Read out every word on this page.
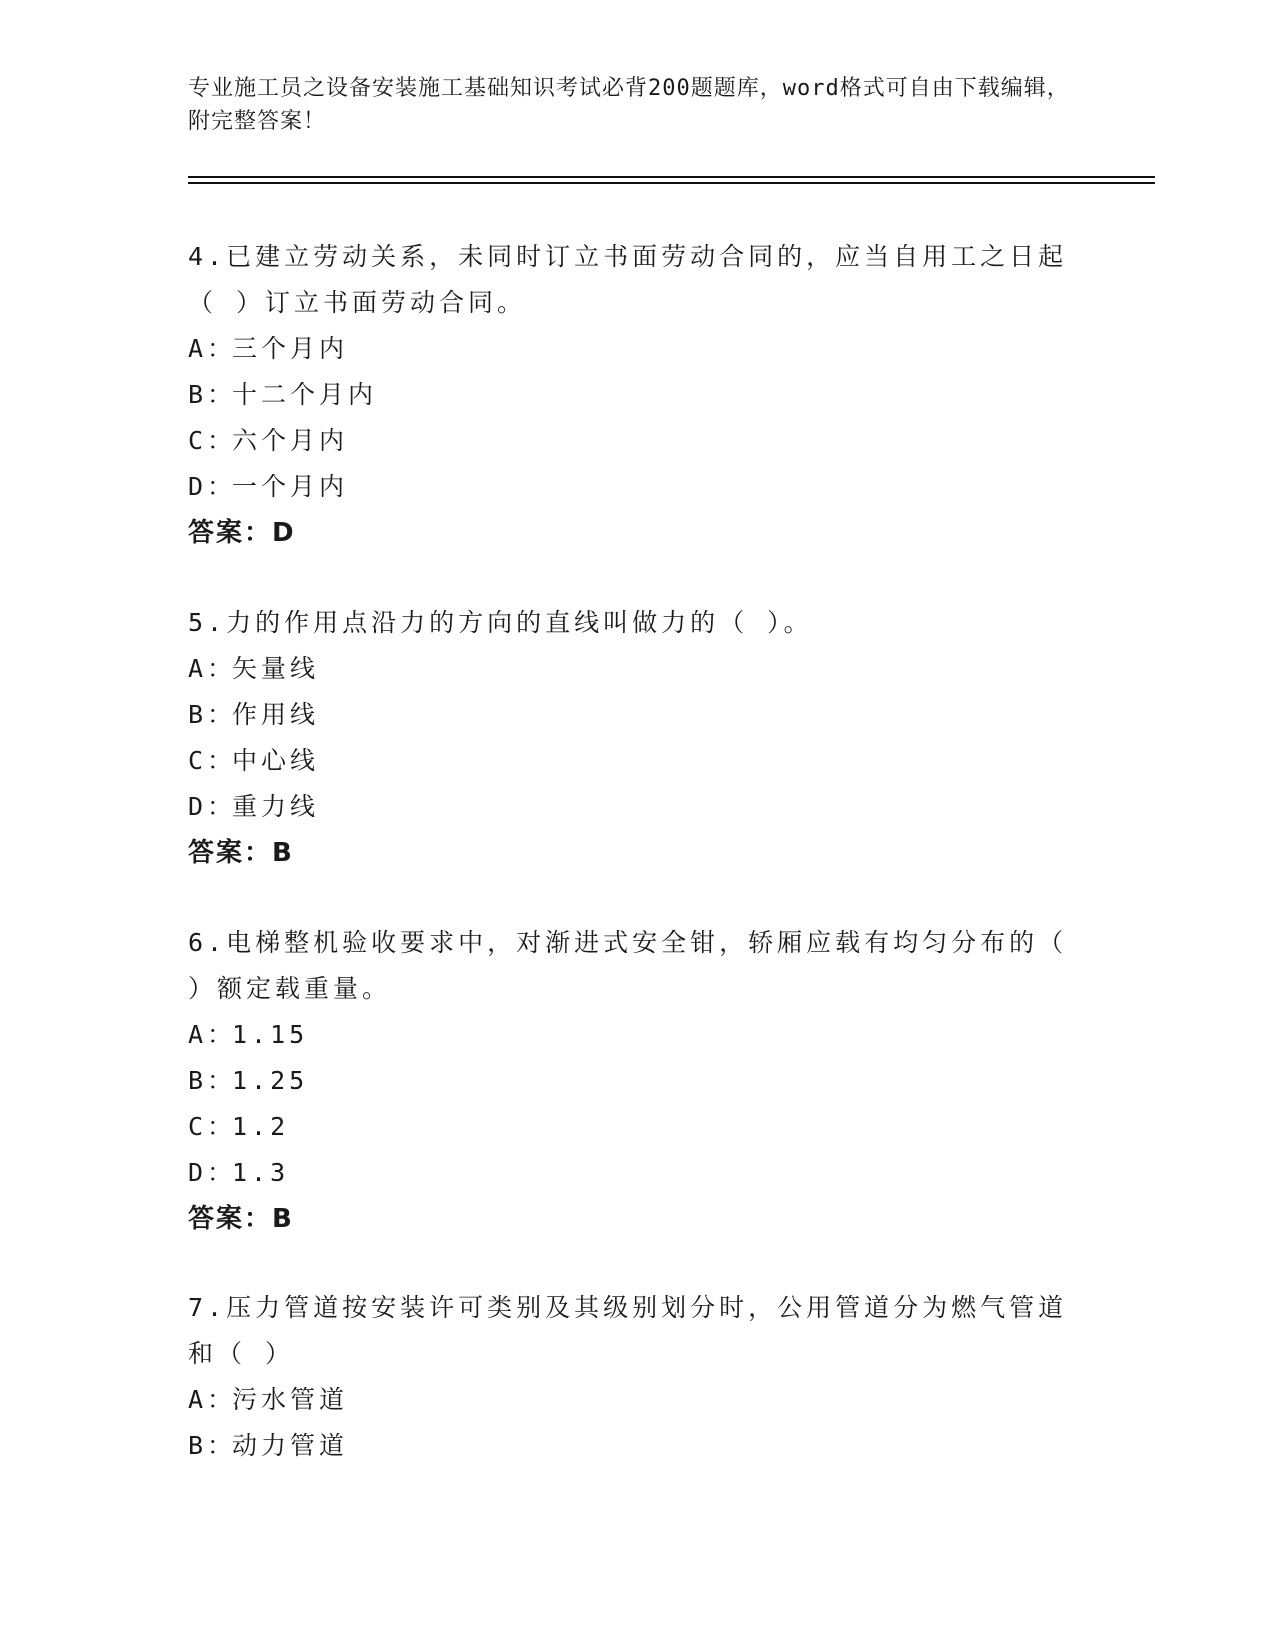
专业施工员之设备安装施工基础知识考试必背200题题库，word格式可自由下载编辑，附完整答案！
4.已建立劳动关系，未同时订立书面劳动合同的，应当自用工之日起（ ）订立书面劳动合同。
A：
三个月内
B：
十二个月内
C：
六个月内
D：
一个月内
答案：D
5.力的作用点沿力的方向的直线叫做力的（ ）。
A：
矢量线
B：
作用线
C：
中心线
D：
重力线
答案：B
6.电梯整机验收要求中，对渐进式安全钳，轿厢应载有均匀分布的（ ）额定载重量。
A：
1.15
B：
1.25
C：
1.2
D：
1.3
答案：B
7.压力管道按安装许可类别及其级别划分时，公用管道分为燃气管道和（ ）
A：
污水管道
B：
动力管道
